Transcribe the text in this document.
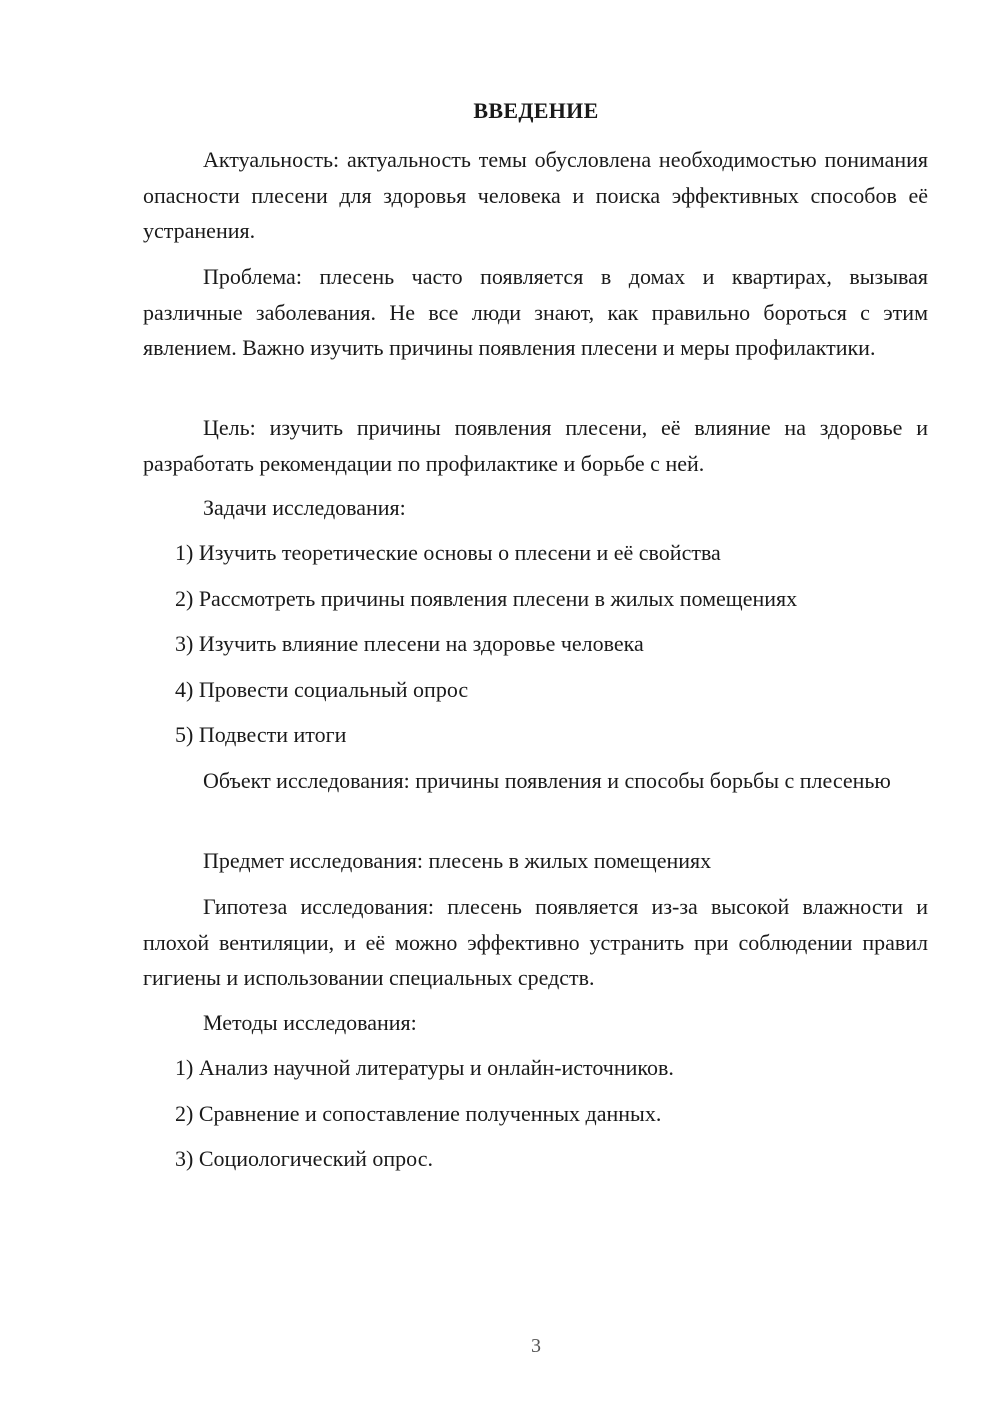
ВВЕДЕНИЕ

Актуальность: актуальность темы обусловлена необходимостью понимания опасности плесени для здоровья человека и поиска эффективных способов её устранения.

Проблема: плесень часто появляется в домах и квартирах, вызывая различные заболевания. Не все люди знают, как правильно бороться с этим явлением. Важно изучить причины появления плесени и меры профилактики.

Цель: изучить причины появления плесени, её влияние на здоровье и разработать рекомендации по профилактике и борьбе с ней.

Задачи исследования:

1) Изучить теоретические основы о плесени и её свойства

2) Рассмотреть причины появления плесени в жилых помещениях

3) Изучить влияние плесени на здоровье человека

4) Провести социальный опрос

5) Подвести итоги

Объект исследования: причины появления и способы борьбы с плесенью

Предмет исследования: плесень в жилых помещениях

Гипотеза исследования: плесень появляется из-за высокой влажности и плохой вентиляции, и её можно эффективно устранить при соблюдении правил гигиены и использовании специальных средств.

Методы исследования:

1) Анализ научной литературы и онлайн-источников.

2) Сравнение и сопоставление полученных данных.

3) Социологический опрос.

3
